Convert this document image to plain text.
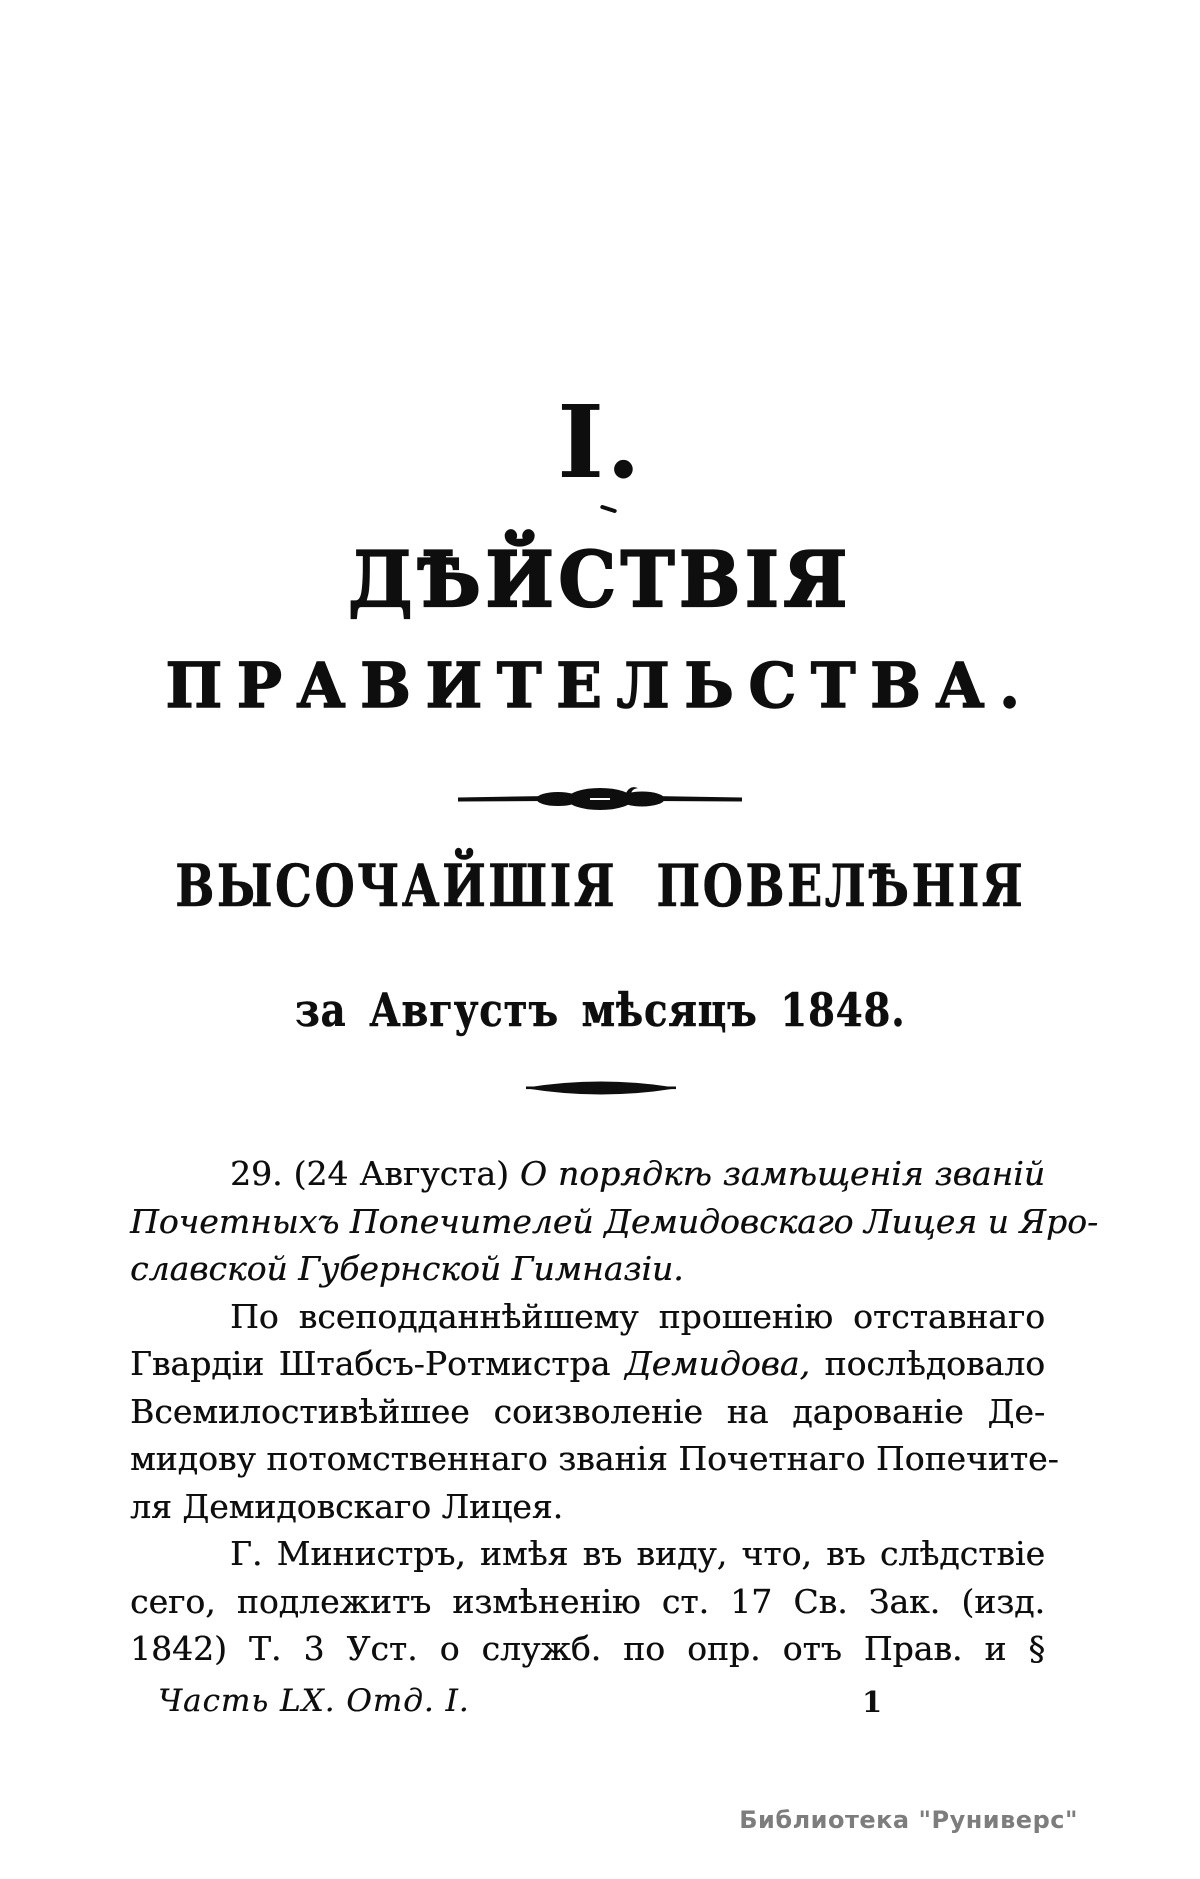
I.
ДѢЙСТВІЯ
ПРАВИТЕЛЬСТВА.
ВЫСОЧАЙШІЯ ПОВЕЛѢНІЯ
за Августъ мѣсяцъ 1848.
29. (24 Августа) О порядкѣ замѣщенія званій
Почетныхъ Попечителей Демидовскаго Лицея и Яро-
славской Губернской Гимназіи.
По всеподданнѣйшему прошенію отставнаго
Гвардіи Штабсъ-Ротмистра Демидова, послѣдовало
Всемилостивѣйшее соизволеніе на дарованіе Де-
мидову потомственнаго званія Почетнаго Попечите-
ля Демидовскаго Лицея.
Г. Министръ, имѣя въ виду, что, въ слѣдствіе
сего, подлежитъ измѣненію ст. 17 Св. Зак. (изд.
1842) Т. 3 Уст. о служб. по опр. отъ Прав. и §
Часть LX. Отд. I.	1
Библиотека "Руниверс"
